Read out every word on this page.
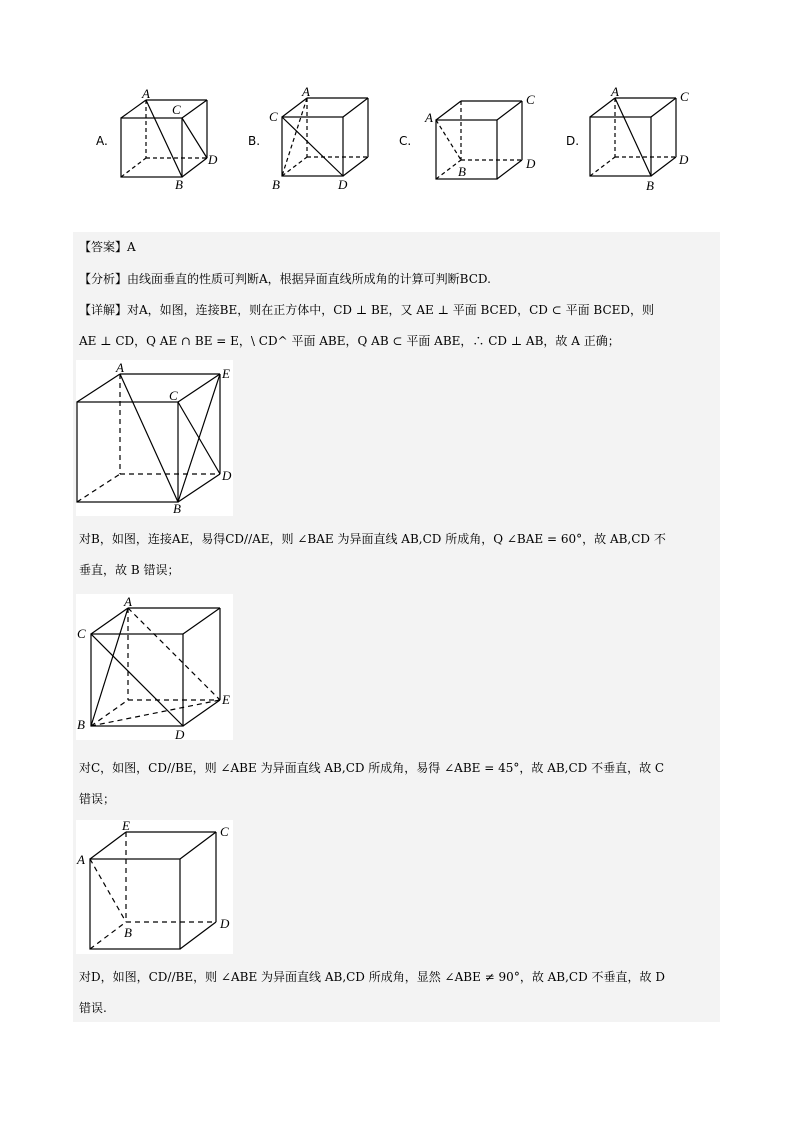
A.
A
C
D
B
B.
A
C
B	D
C.
A
C
B
D
D.
A	C
D
B
【答案】A
【分析】由线面垂直的性质可判断A，根据异面直线所成角的计算可判断BCD.
【详解】对A，如图，连接BE，则在正方体中，CD ⊥ BE，又 AE ⊥ 平面 BCED，CD ⊂ 平面 BCED，则
AE ⊥ CD，Q AE ∩ BE = E，\ CD^ 平面 ABE，Q AB ⊂ 平面 ABE，∴ CD ⊥ AB，故 A 正确；
A	E
C
D
B
对B，如图，连接AE，易得CD//AE，则 ∠BAE 为异面直线 AB,CD 所成角，Q ∠BAE = 60°，故 AB,CD 不
垂直，故 B 错误；
A
C
E
B
D
对C，如图，CD//BE，则 ∠ABE 为异面直线 AB,CD 所成角，易得 ∠ABE = 45°，故 AB,CD 不垂直，故 C
错误；
E	C
A
B
D
对D，如图，CD//BE，则 ∠ABE 为异面直线 AB,CD 所成角，显然 ∠ABE ≠ 90°，故 AB,CD 不垂直，故 D
错误.
